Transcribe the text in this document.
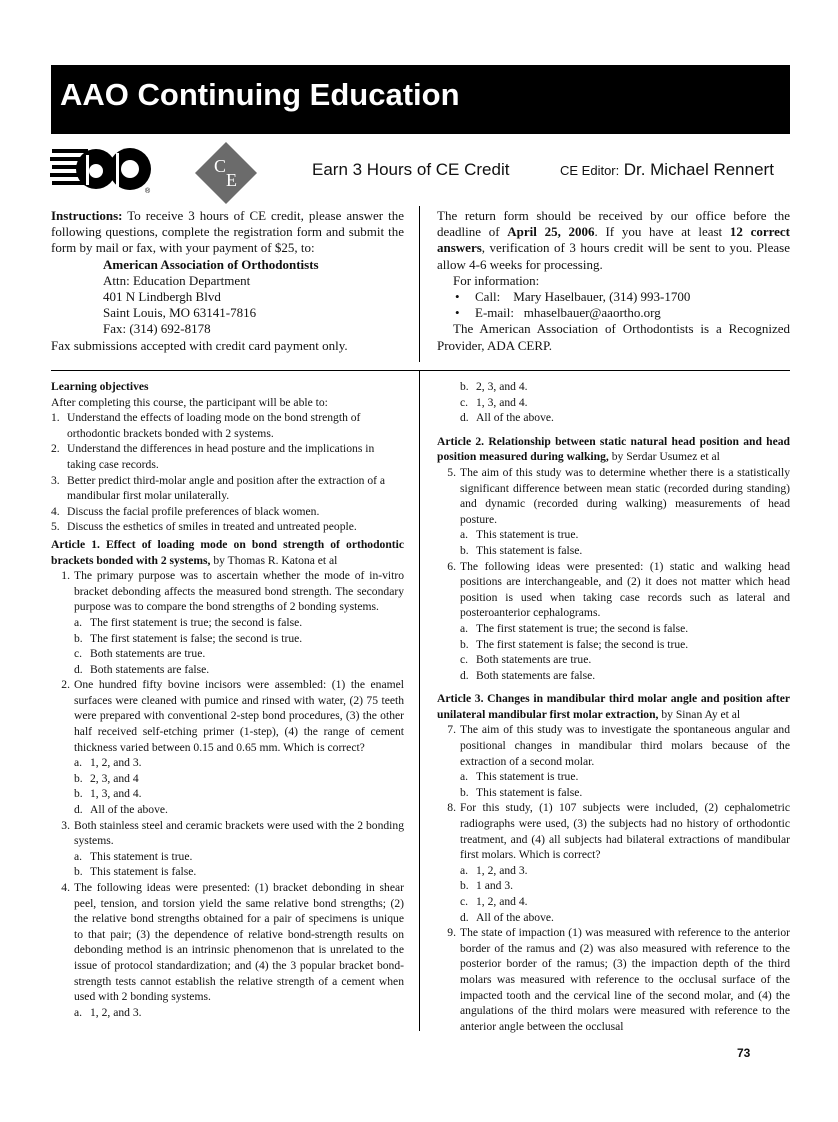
AAO Continuing Education
®
C
E
Earn 3 Hours of CE Credit	CE Editor: Dr. Michael Rennert

Instructions: To receive 3 hours of CE credit, please answer the following questions, complete the registration form and submit the form by mail or fax, with your payment of $25, to:

American Association of Orthodontists

Attn: Education Department

401 N Lindbergh Blvd

Saint Louis, MO 63141-7816

Fax: (314) 692-8178

Fax submissions accepted with credit card payment only.

The return form should be received by our office before the deadline of April 25, 2006. If you have at least 12 correct answers, verification of 3 hours credit will be sent to you. Please allow 4-6 weeks for processing.

For information:

• Call:    Mary Haselbauer, (314) 993-1700
• E-mail:   mhaselbauer@aaortho.org

The American Association of Orthodontists is a Recognized Provider, ADA CERP.

Learning objectives
After completing this course, the participant will be able to:
1. Understand the effects of loading mode on the bond strength of orthodontic brackets bonded with 2 systems.
2. Understand the differences in head posture and the implications in taking case records.
3. Better predict third-molar angle and position after the extraction of a mandibular first molar unilaterally.
4. Discuss the facial profile preferences of black women.
5. Discuss the esthetics of smiles in treated and untreated people.
Article 1. Effect of loading mode on bond strength of orthodontic brackets bonded with 2 systems, by Thomas R. Katona et al
1. The primary purpose was to ascertain whether the mode of in-vitro bracket debonding affects the measured bond strength. The secondary purpose was to compare the bond strengths of 2 bonding systems.
a. The first statement is true; the second is false.
b. The first statement is false; the second is true.
c. Both statements are true.
d. Both statements are false.
2. One hundred fifty bovine incisors were assembled: (1) the enamel surfaces were cleaned with pumice and rinsed with water, (2) 75 teeth were prepared with conventional 2-step bond procedures, (3) the other half received self-etching primer (1-step), (4) the range of cement thickness varied between 0.15 and 0.65 mm. Which is correct?
a. 1, 2, and 3.
b. 2, 3, and 4
b. 1, 3, and 4.
d. All of the above.
3. Both stainless steel and ceramic brackets were used with the 2 bonding systems.
a. This statement is true.
b. This statement is false.
4. The following ideas were presented: (1) bracket debonding in shear peel, tension, and torsion yield the same relative bond strengths; (2) the relative bond strengths obtained for a pair of specimens is unique to that pair; (3) the dependence of relative bond-strength results on debonding method is an intrinsic phenomenon that is unrelated to the issue of protocol standardization; and (4) the 3 popular bracket bond-strength tests cannot establish the relative strength of a cement when used with 2 bonding systems.
a. 1, 2, and 3.
b. 2, 3, and 4.
c. 1, 3, and 4.
d. All of the above.
Article 2. Relationship between static natural head position and head position measured during walking, by Serdar Usumez et al
5. The aim of this study was to determine whether there is a statistically significant difference between mean static (recorded during standing) and dynamic (recorded during walking) measurements of head posture.
a. This statement is true.
b. This statement is false.
6. The following ideas were presented: (1) static and walking head positions are interchangeable, and (2) it does not matter which head position is used when taking case records such as lateral and posteroanterior cephalograms.
a. The first statement is true; the second is false.
b. The first statement is false; the second is true.
c. Both statements are true.
d. Both statements are false.
Article 3. Changes in mandibular third molar angle and position after unilateral mandibular first molar extraction, by Sinan Ay et al
7. The aim of this study was to investigate the spontaneous angular and positional changes in mandibular third molars because of the extraction of a second molar.
a. This statement is true.
b. This statement is false.
8. For this study, (1) 107 subjects were included, (2) cephalometric radiographs were used, (3) the subjects had no history of orthodontic treatment, and (4) all subjects had bilateral extractions of mandibular first molars. Which is correct?
a. 1, 2, and 3.
b. 1 and 3.
c. 1, 2, and 4.
d. All of the above.
9. The state of impaction (1) was measured with reference to the anterior border of the ramus and (2) was also measured with reference to the posterior border of the ramus; (3) the impaction depth of the third molars was measured with reference to the occlusal surface of the impacted tooth and the cervical line of the second molar, and (4) the angulations of the third molars were measured with reference to the anterior angle between the occlusal
73
